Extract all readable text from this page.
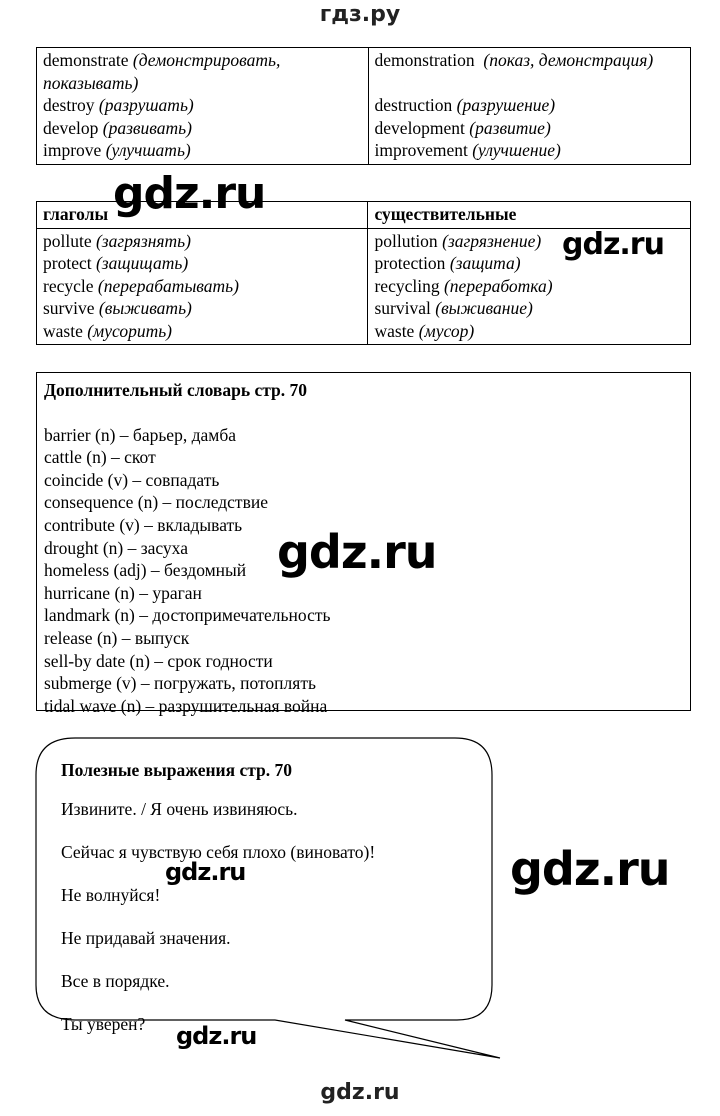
гдз.ру
demonstrate (демонстрировать, показывать)	demonstration (показ, демонстрация)
destroy (разрушать)	destruction (разрушение)
develop (развивать)	development (развитие)
improve (улучшать)	improvement (улучшение)

глаголы	существительные
pollute (загрязнять)	pollution (загрязнение)
protect (защищать)	protection (защита)
recycle (перерабатывать)	recycling (переработка)
survive (выживать)	survival (выживание)
waste (мусорить)	waste (мусор)
Дополнительный словарь стр. 70
barrier (n) – барьер, дамба
cattle (n) – скот
coincide (v) – совпадать
consequence (n) – последствие
contribute (v) – вкладывать
drought (n) – засуха
homeless (adj) – бездомный
hurricane (n) – ураган
landmark (n) – достопримечательность
release (n) – выпуск
sell-by date (n) – срок годности
submerge (v) – погружать, потоплять
tidal wave (n) – разрушительная война
Полезные выражения стр. 70
Извините. / Я очень извиняюсь.
Сейчас я чувствую себя плохо (виновато)!
Не волнуйся!
Не придавай значения.
Все в порядке.
Ты уверен?
gdz.ru
gdz.ru
gdz.ru
gdz.ru
gdz.ru
gdz.ru
gdz.ru
